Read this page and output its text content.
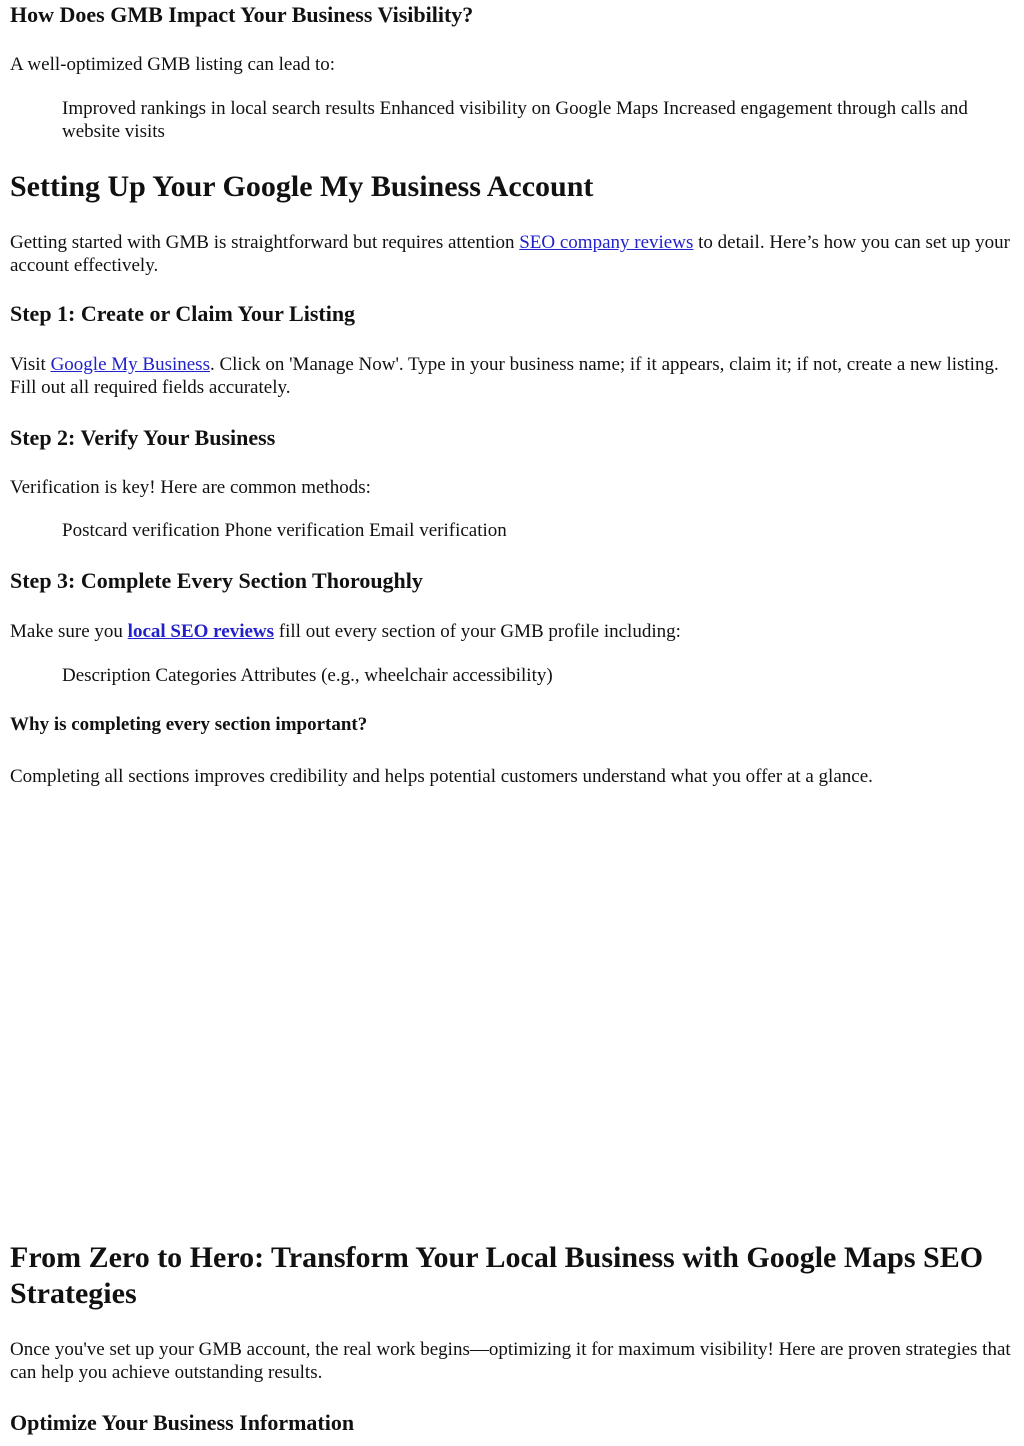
How Does GMB Impact Your Business Visibility?

A well-optimized GMB listing can lead to:

Improved rankings in local search results Enhanced visibility on Google Maps Increased engagement through calls and website visits

Setting Up Your Google My Business Account

Getting started with GMB is straightforward but requires attention SEO company reviews to detail. Here’s how you can set up your account effectively.

Step 1: Create or Claim Your Listing

Visit Google My Business. Click on 'Manage Now'. Type in your business name; if it appears, claim it; if not, create a new listing. Fill out all required fields accurately.

Step 2: Verify Your Business

Verification is key! Here are common methods:

Postcard verification Phone verification Email verification

Step 3: Complete Every Section Thoroughly

Make sure you local SEO reviews fill out every section of your GMB profile including:

Description Categories Attributes (e.g., wheelchair accessibility)

Why is completing every section important?

Completing all sections improves credibility and helps potential customers understand what you offer at a glance.

From Zero to Hero: Transform Your Local Business with Google Maps SEO Strategies

Once you've set up your GMB account, the real work begins—optimizing it for maximum visibility! Here are proven strategies that can help you achieve outstanding results.

Optimize Your Business Information
